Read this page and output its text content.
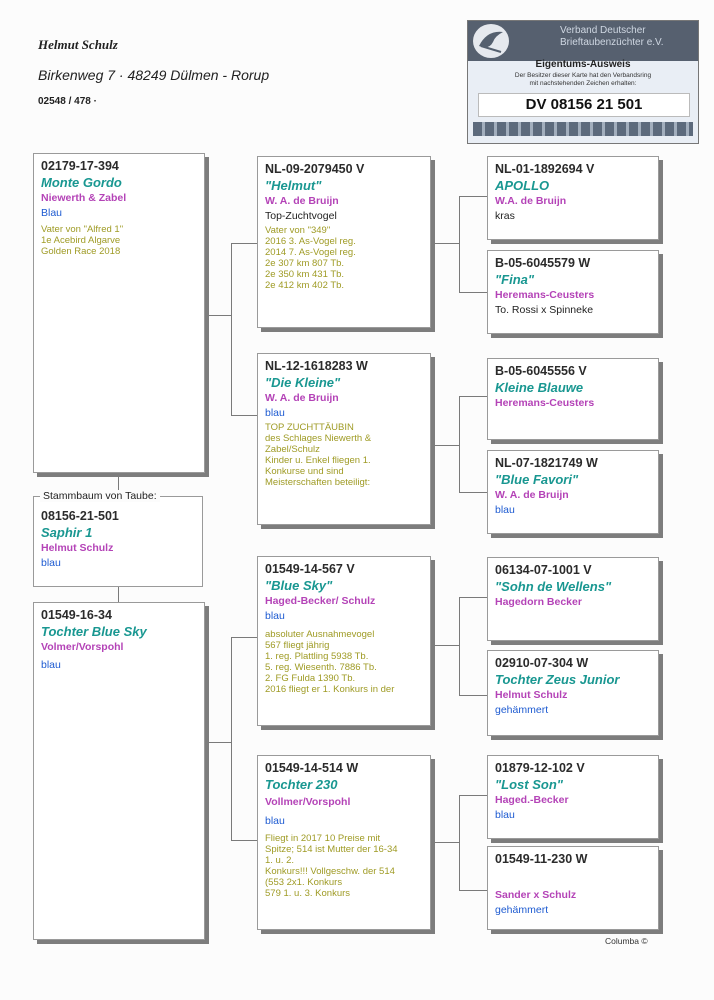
Helmut Schulz
Birkenweg 7 · 48249 Dülmen - Rorup
02548 / 478 ·
Verband Deutscher
Brieftaubenzüchter e.V.
Eigentums-Ausweis
Der Besitzer dieser Karte hat den Verbandsring
mit nachstehenden Zeichen erhalten:
DV 08156 21 501
02179-17-394
Monte Gordo
Niewerth & Zabel
Blau
Vater von "Alfred 1"
1e Acebird Algarve
Golden Race 2018
08156-21-501
Saphir 1
Helmut Schulz
blau
Stammbaum von Taube:
01549-16-34
Tochter Blue Sky
Volmer/Vorspohl
blau
NL-09-2079450 V
"Helmut"
W. A. de Bruijn
Top-Zuchtvogel
Vater von "349"
2016 3. As-Vogel reg.
2014 7. As-Vogel reg.
2e 307 km 807 Tb.
2e 350 km 431 Tb.
2e 412 km 402 Tb.
NL-12-1618283 W
"Die Kleine"
W. A. de Bruijn
blau
TOP ZUCHTTÄUBIN
des Schlages Niewerth &
Zabel/Schulz
Kinder u. Enkel fliegen 1.
Konkurse und sind
Meisterschaften beteiligt:
01549-14-567 V
"Blue Sky"
Haged-Becker/ Schulz
blau
absoluter Ausnahmevogel
567 fliegt jährig
1. reg. Plattling 5938 Tb.
5. reg. Wiesenth. 7886 Tb.
2. FG Fulda 1390 Tb.
2016 fliegt er 1. Konkurs in der
01549-14-514 W
Tochter 230
Vollmer/Vorspohl
blau
Fliegt in 2017 10 Preise mit
Spitze; 514 ist Mutter der 16-34
1. u. 2.
Konkurs!!! Vollgeschw. der 514
(553 2x1. Konkurs
579 1. u. 3. Konkurs
NL-01-1892694 V
APOLLO
W.A. de Bruijn
kras
B-05-6045579 W
"Fina"
Heremans-Ceusters
To. Rossi x Spinneke
B-05-6045556 V
Kleine Blauwe
Heremans-Ceusters
NL-07-1821749 W
"Blue Favori"
W. A. de Bruijn
blau
06134-07-1001 V
"Sohn de Wellens"
Hagedorn Becker
02910-07-304 W
Tochter Zeus Junior
Helmut Schulz
gehämmert
01879-12-102 V
"Lost Son"
Haged.-Becker
blau
01549-11-230 W
Sander x Schulz
gehämmert
Columba ©
